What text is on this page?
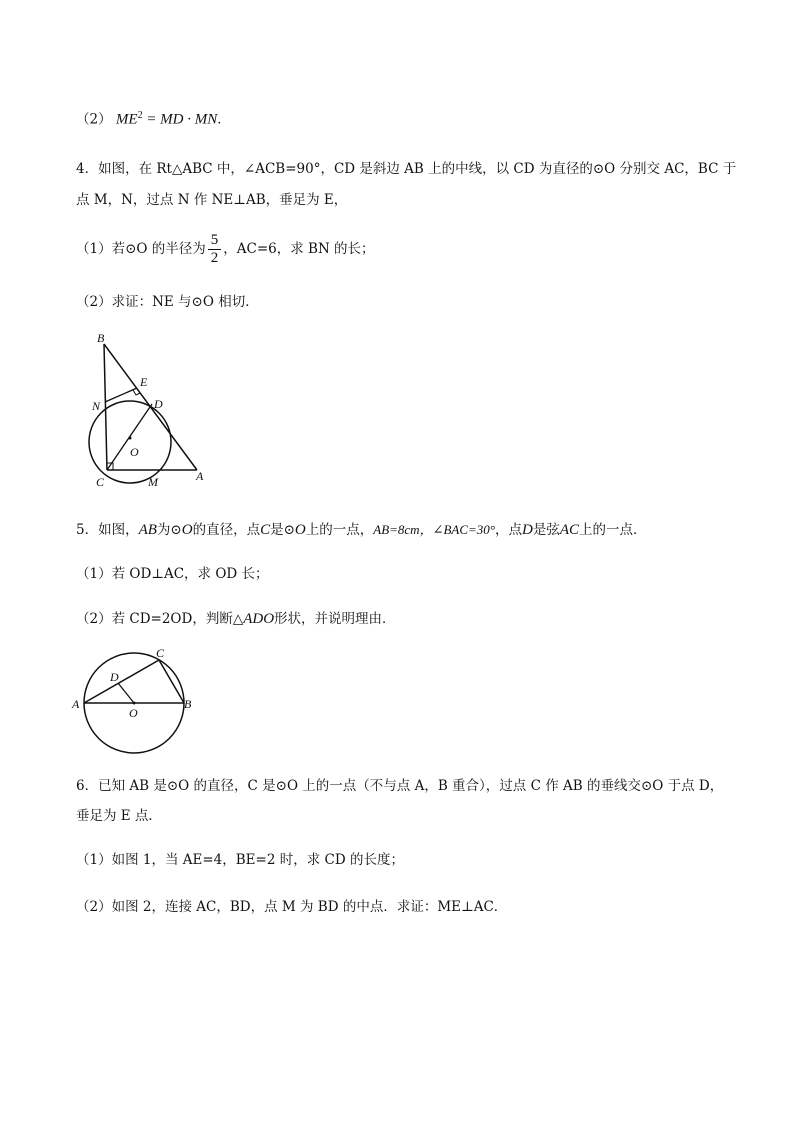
（2） $ME^2$ = MD · MN．
4．如图，在 Rt△ABC 中，∠ACB=90°，CD 是斜边 AB 上的中线，以 CD 为直径的⊙O 分别交 AC，BC 于
点 M，N，过点 N 作 NE⊥AB，垂足为 E，
（1）若⊙O 的半径为 $\frac{5}{2}$ ，AC=6，求 BN 的长；
（2）求证：NE 与⊙O 相切．
B
E
N	D
O
C	M	A
5．如图，AB为⊙O的直径，点C是⊙O上的一点，AB=8cm，∠BAC=30°，点D是弦AC上的一点．
（1）若 OD⊥AC，求 OD 长；
（2）若 CD=2OD，判断△ADO形状，并说明理由．
A	B
C
D
O
6．已知 AB 是⊙O 的直径，C 是⊙O 上的一点（不与点 A，B 重合），过点 C 作 AB 的垂线交⊙O 于点 D，
垂足为 E 点．
（1）如图 1，当 AE=4，BE=2 时，求 CD 的长度；
（2）如图 2，连接 AC，BD，点 M 为 BD 的中点．求证：ME⊥AC．
